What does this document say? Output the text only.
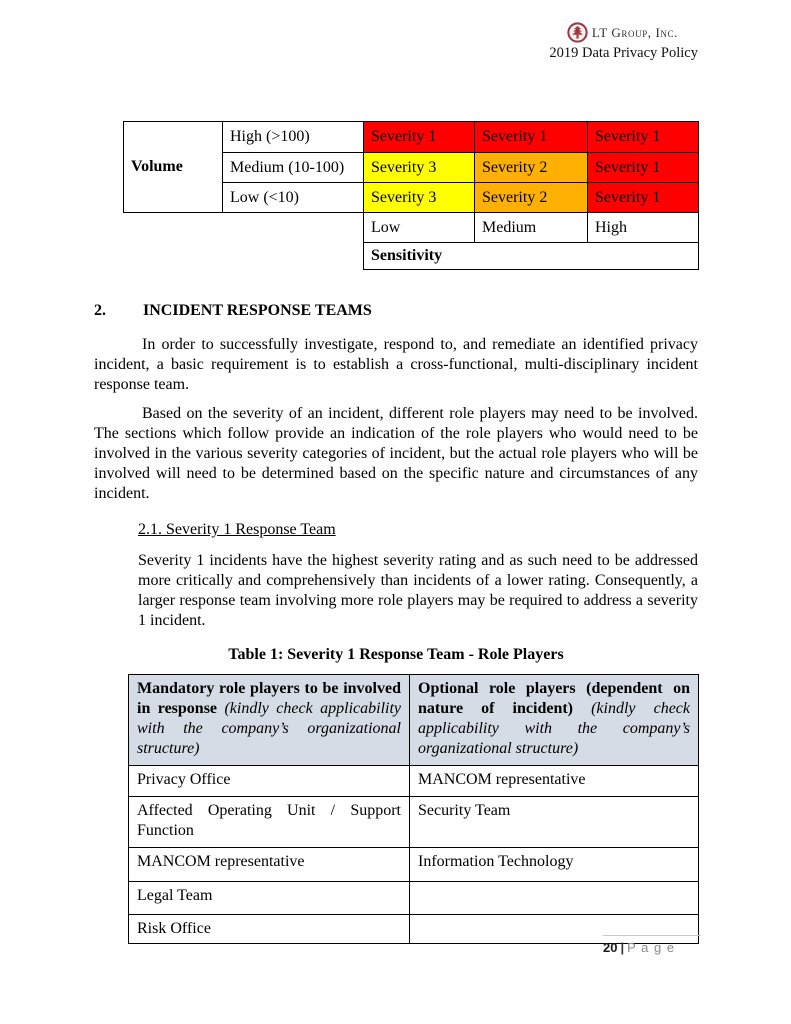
LT Group, Inc.
2019 Data Privacy Policy
Volume	High (>100)	Severity 1	Severity 1	Severity 1
	Medium (10-100)	Severity 3	Severity 2	Severity 1
	Low (<10)	Severity 3	Severity 2	Severity 1
		Low	Medium	High
		Sensitivity		
2. INCIDENT RESPONSE TEAMS

In order to successfully investigate, respond to, and remediate an identified privacy incident, a basic requirement is to establish a cross-functional, multi-disciplinary incident response team.

Based on the severity of an incident, different role players may need to be involved. The sections which follow provide an indication of the role players who would need to be involved in the various severity categories of incident, but the actual role players who will be involved will need to be determined based on the specific nature and circumstances of any incident.

2.1. Severity 1 Response Team

Severity 1 incidents have the highest severity rating and as such need to be addressed more critically and comprehensively than incidents of a lower rating. Consequently, a larger response team involving more role players may be required to address a severity 1 incident.

Table 1: Severity 1 Response Team - Role Players
Mandatory role players to be involved in response (kindly check applicability with the company’s organizational structure)	Optional role players (dependent on nature of incident) (kindly check applicability with the company’s organizational structure)
Privacy Office	MANCOM representative
Affected Operating Unit / Support Function	Security Team
MANCOM representative	Information Technology
Legal Team	
Risk Office	
20 | P a g e
